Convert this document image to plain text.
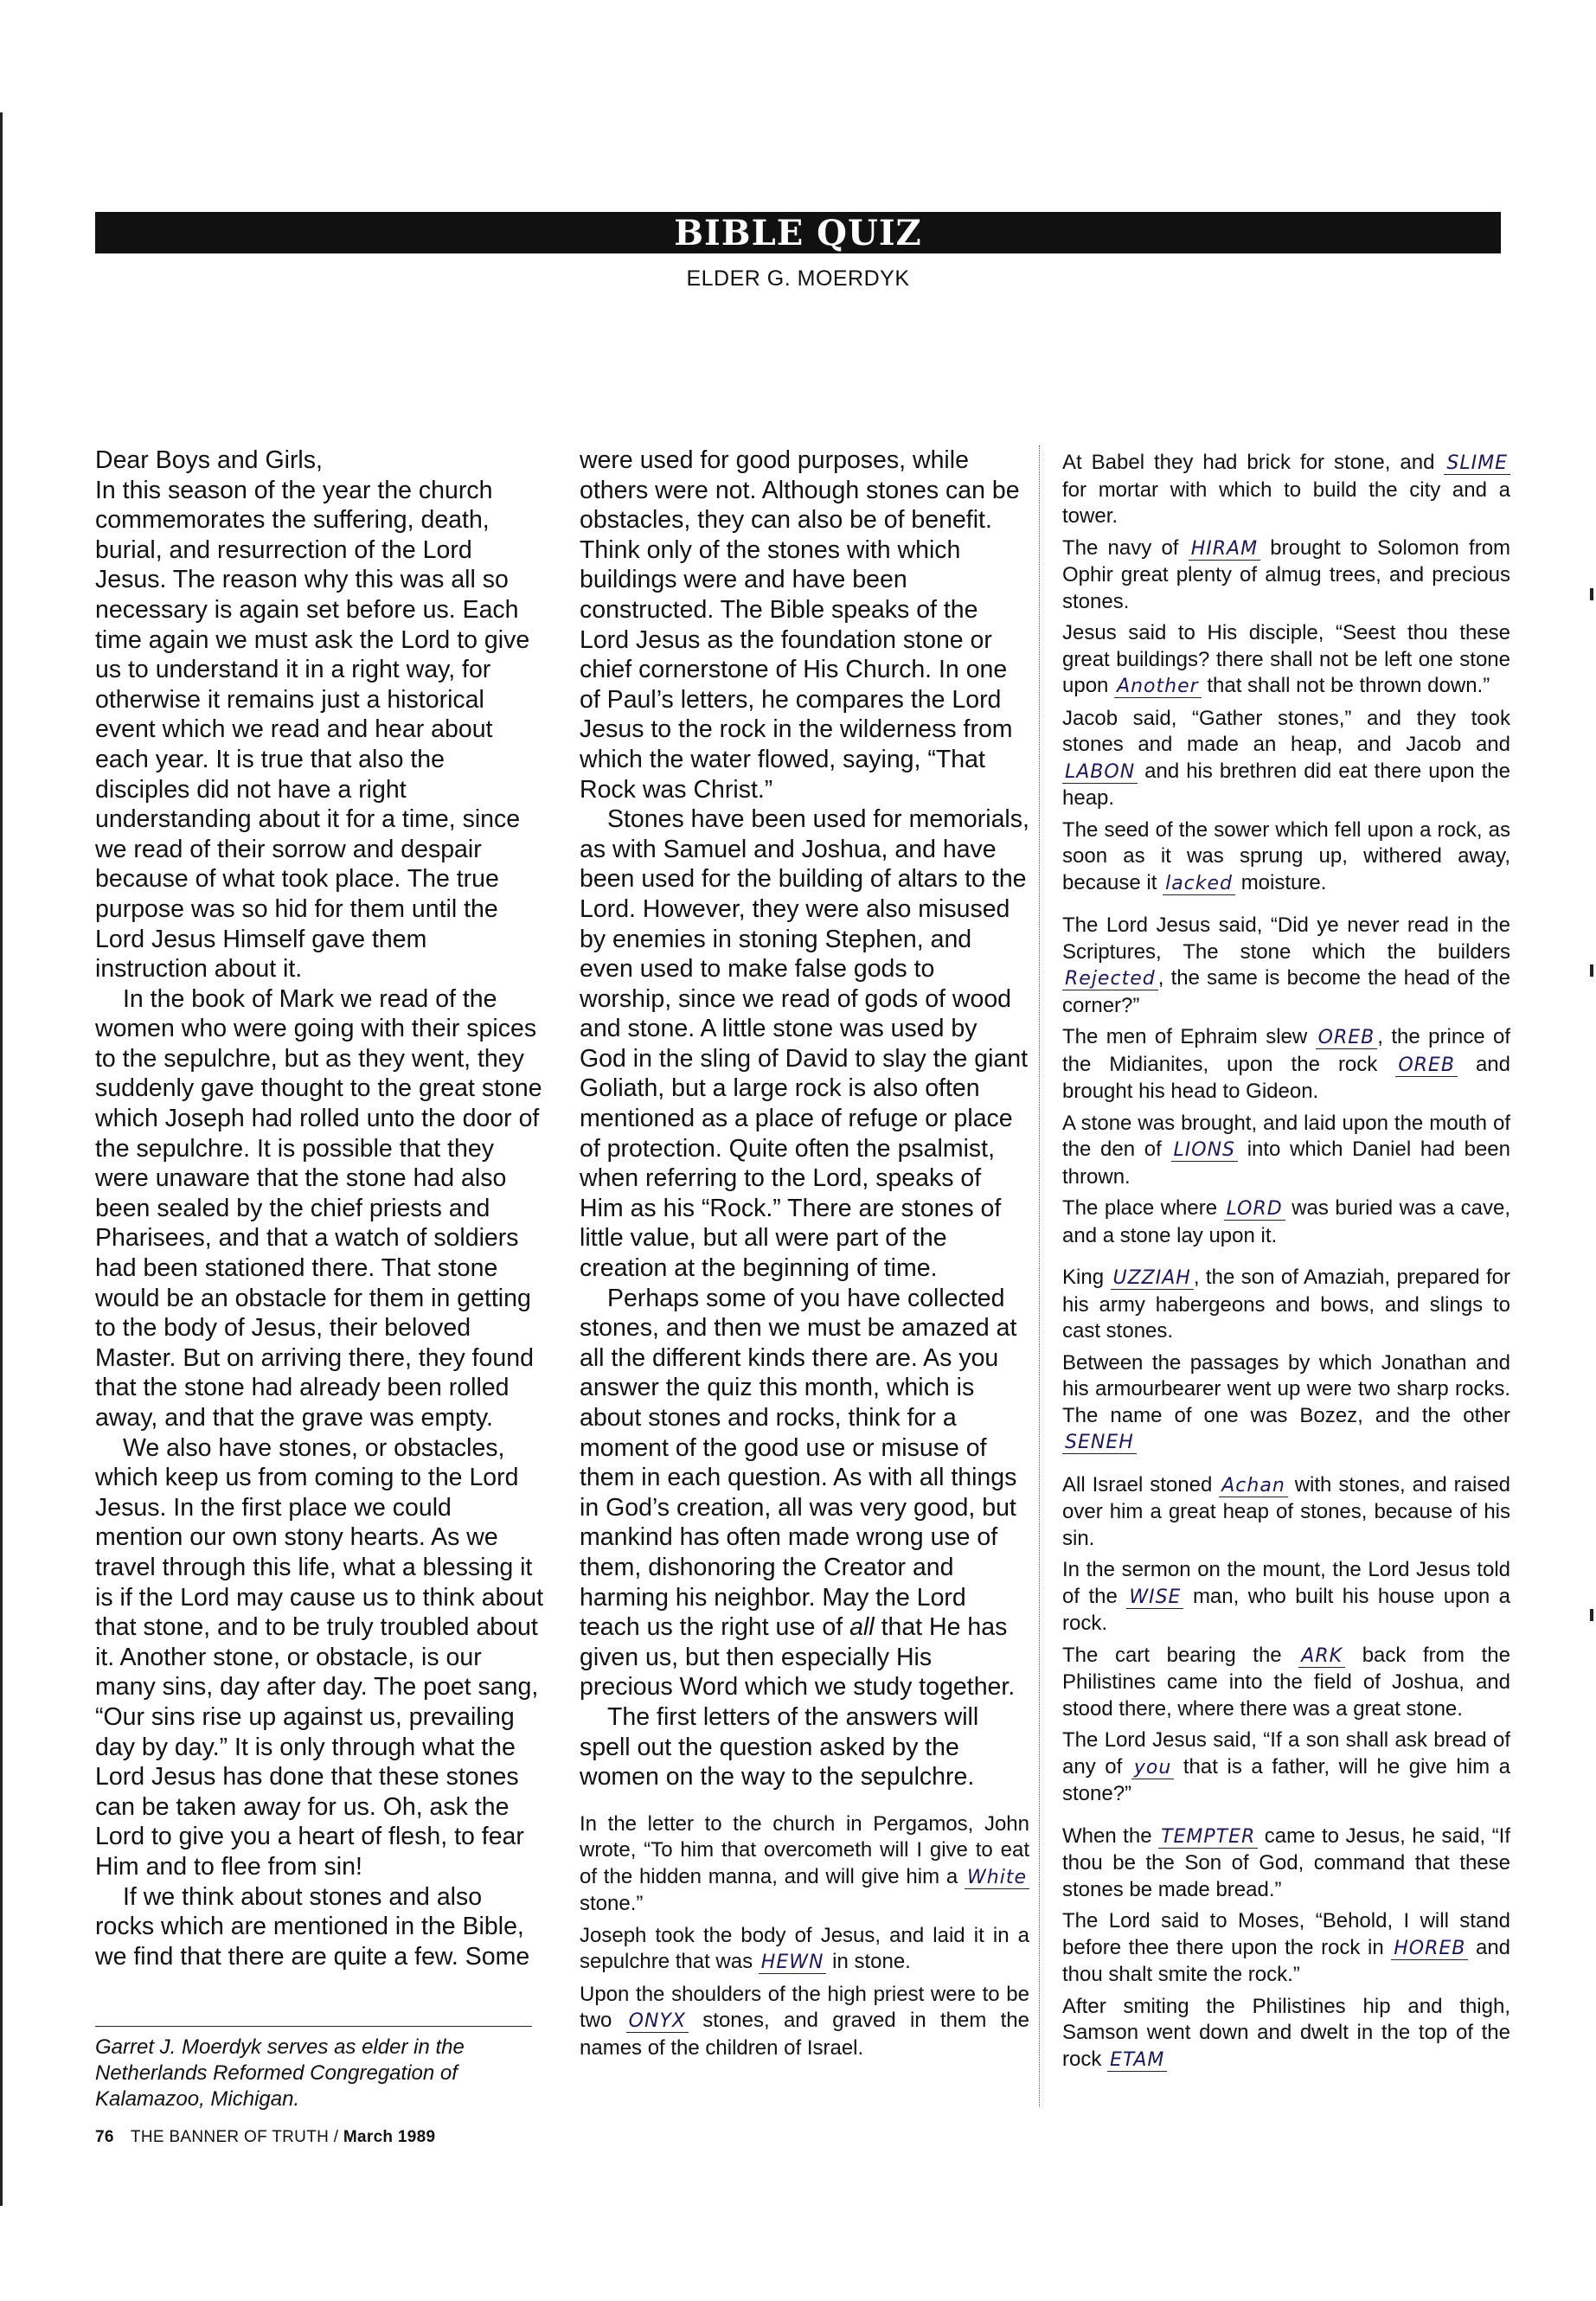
BIBLE QUIZ
ELDER G. MOERDYK

Dear Boys and Girls,

In this season of the year the church commemorates the suffering, death, burial, and resurrection of the Lord Jesus. The reason why this was all so necessary is again set before us. Each time again we must ask the Lord to give us to understand it in a right way, for otherwise it remains just a historical event which we read and hear about each year. It is true that also the disciples did not have a right understanding about it for a time, since we read of their sorrow and despair because of what took place. The true purpose was so hid for them until the Lord Jesus Himself gave them instruction about it.

In the book of Mark we read of the women who were going with their spices to the sepulchre, but as they went, they suddenly gave thought to the great stone which Joseph had rolled unto the door of the sepulchre. It is possible that they were unaware that the stone had also been sealed by the chief priests and Pharisees, and that a watch of soldiers had been stationed there. That stone would be an obstacle for them in getting to the body of Jesus, their beloved Master. But on arriving there, they found that the stone had already been rolled away, and that the grave was empty.

We also have stones, or obstacles, which keep us from coming to the Lord Jesus. In the first place we could mention our own stony hearts. As we travel through this life, what a blessing it is if the Lord may cause us to think about that stone, and to be truly troubled about it. Another stone, or obstacle, is our many sins, day after day. The poet sang, “Our sins rise up against us, prevailing day by day.” It is only through what the Lord Jesus has done that these stones can be taken away for us. Oh, ask the Lord to give you a heart of flesh, to fear Him and to flee from sin!

If we think about stones and also rocks which are mentioned in the Bible, we find that there are quite a few. Some

were used for good purposes, while others were not. Although stones can be obstacles, they can also be of benefit. Think only of the stones with which buildings were and have been constructed. The Bible speaks of the Lord Jesus as the foundation stone or chief cornerstone of His Church. In one of Paul’s letters, he compares the Lord Jesus to the rock in the wilderness from which the water flowed, saying, “That Rock was Christ.”

Stones have been used for memorials, as with Samuel and Joshua, and have been used for the building of altars to the Lord. However, they were also misused by enemies in stoning Stephen, and even used to make false gods to worship, since we read of gods of wood and stone. A little stone was used by God in the sling of David to slay the giant Goliath, but a large rock is also often mentioned as a place of refuge or place of protection. Quite often the psalmist, when referring to the Lord, speaks of Him as his “Rock.” There are stones of little value, but all were part of the creation at the beginning of time.

Perhaps some of you have collected stones, and then we must be amazed at all the different kinds there are. As you answer the quiz this month, which is about stones and rocks, think for a moment of the good use or misuse of them in each question. As with all things in God’s creation, all was very good, but mankind has often made wrong use of them, dishonoring the Creator and harming his neighbor. May the Lord teach us the right use of all that He has given us, but then especially His precious Word which we study together.

The first letters of the answers will spell out the question asked by the women on the way to the sepulchre.

In the letter to the church in Pergamos, John wrote, “To him that overcometh will I give to eat of the hidden manna, and will give him a White stone.”

Joseph took the body of Jesus, and laid it in a sepulchre that was HEWN in stone.

Upon the shoulders of the high priest were to be two ONYX stones, and graved in them the names of the children of Israel.

At Babel they had brick for stone, and SLIME for mortar with which to build the city and a tower.

The navy of HIRAM brought to Solomon from Ophir great plenty of almug trees, and precious stones.

Jesus said to His disciple, “Seest thou these great buildings? there shall not be left one stone upon Another that shall not be thrown down.”

Jacob said, “Gather stones,” and they took stones and made an heap, and Jacob and LABON and his brethren did eat there upon the heap.

The seed of the sower which fell upon a rock, as soon as it was sprung up, withered away, because it lacked moisture.

The Lord Jesus said, “Did ye never read in the Scriptures, The stone which the builders Rejected , the same is become the head of the corner?”

The men of Ephraim slew OREB , the prince of the Midianites, upon the rock OREB and brought his head to Gideon.

A stone was brought, and laid upon the mouth of the den of LIONS into which Daniel had been thrown.

The place where LORD was buried was a cave, and a stone lay upon it.

King UZZIAH , the son of Amaziah, prepared for his army habergeons and bows, and slings to cast stones.

Between the passages by which Jonathan and his armourbearer went up were two sharp rocks. The name of one was Bozez, and the other SENEH

All Israel stoned Achan with stones, and raised over him a great heap of stones, because of his sin.

In the sermon on the mount, the Lord Jesus told of the WISE man, who built his house upon a rock.

The cart bearing the ARK back from the Philistines came into the field of Joshua, and stood there, where there was a great stone.

The Lord Jesus said, “If a son shall ask bread of any of you that is a father, will he give him a stone?”

When the TEMPTER came to Jesus, he said, “If thou be the Son of God, command that these stones be made bread.”

The Lord said to Moses, “Behold, I will stand before thee there upon the rock in HOREB and thou shalt smite the rock.”

After smiting the Philistines hip and thigh, Samson went down and dwelt in the top of the rock ETAM

Garret J. Moerdyk serves as elder in the Netherlands Reformed Congregation of Kalamazoo, Michigan.
76 THE BANNER OF TRUTH / March 1989
